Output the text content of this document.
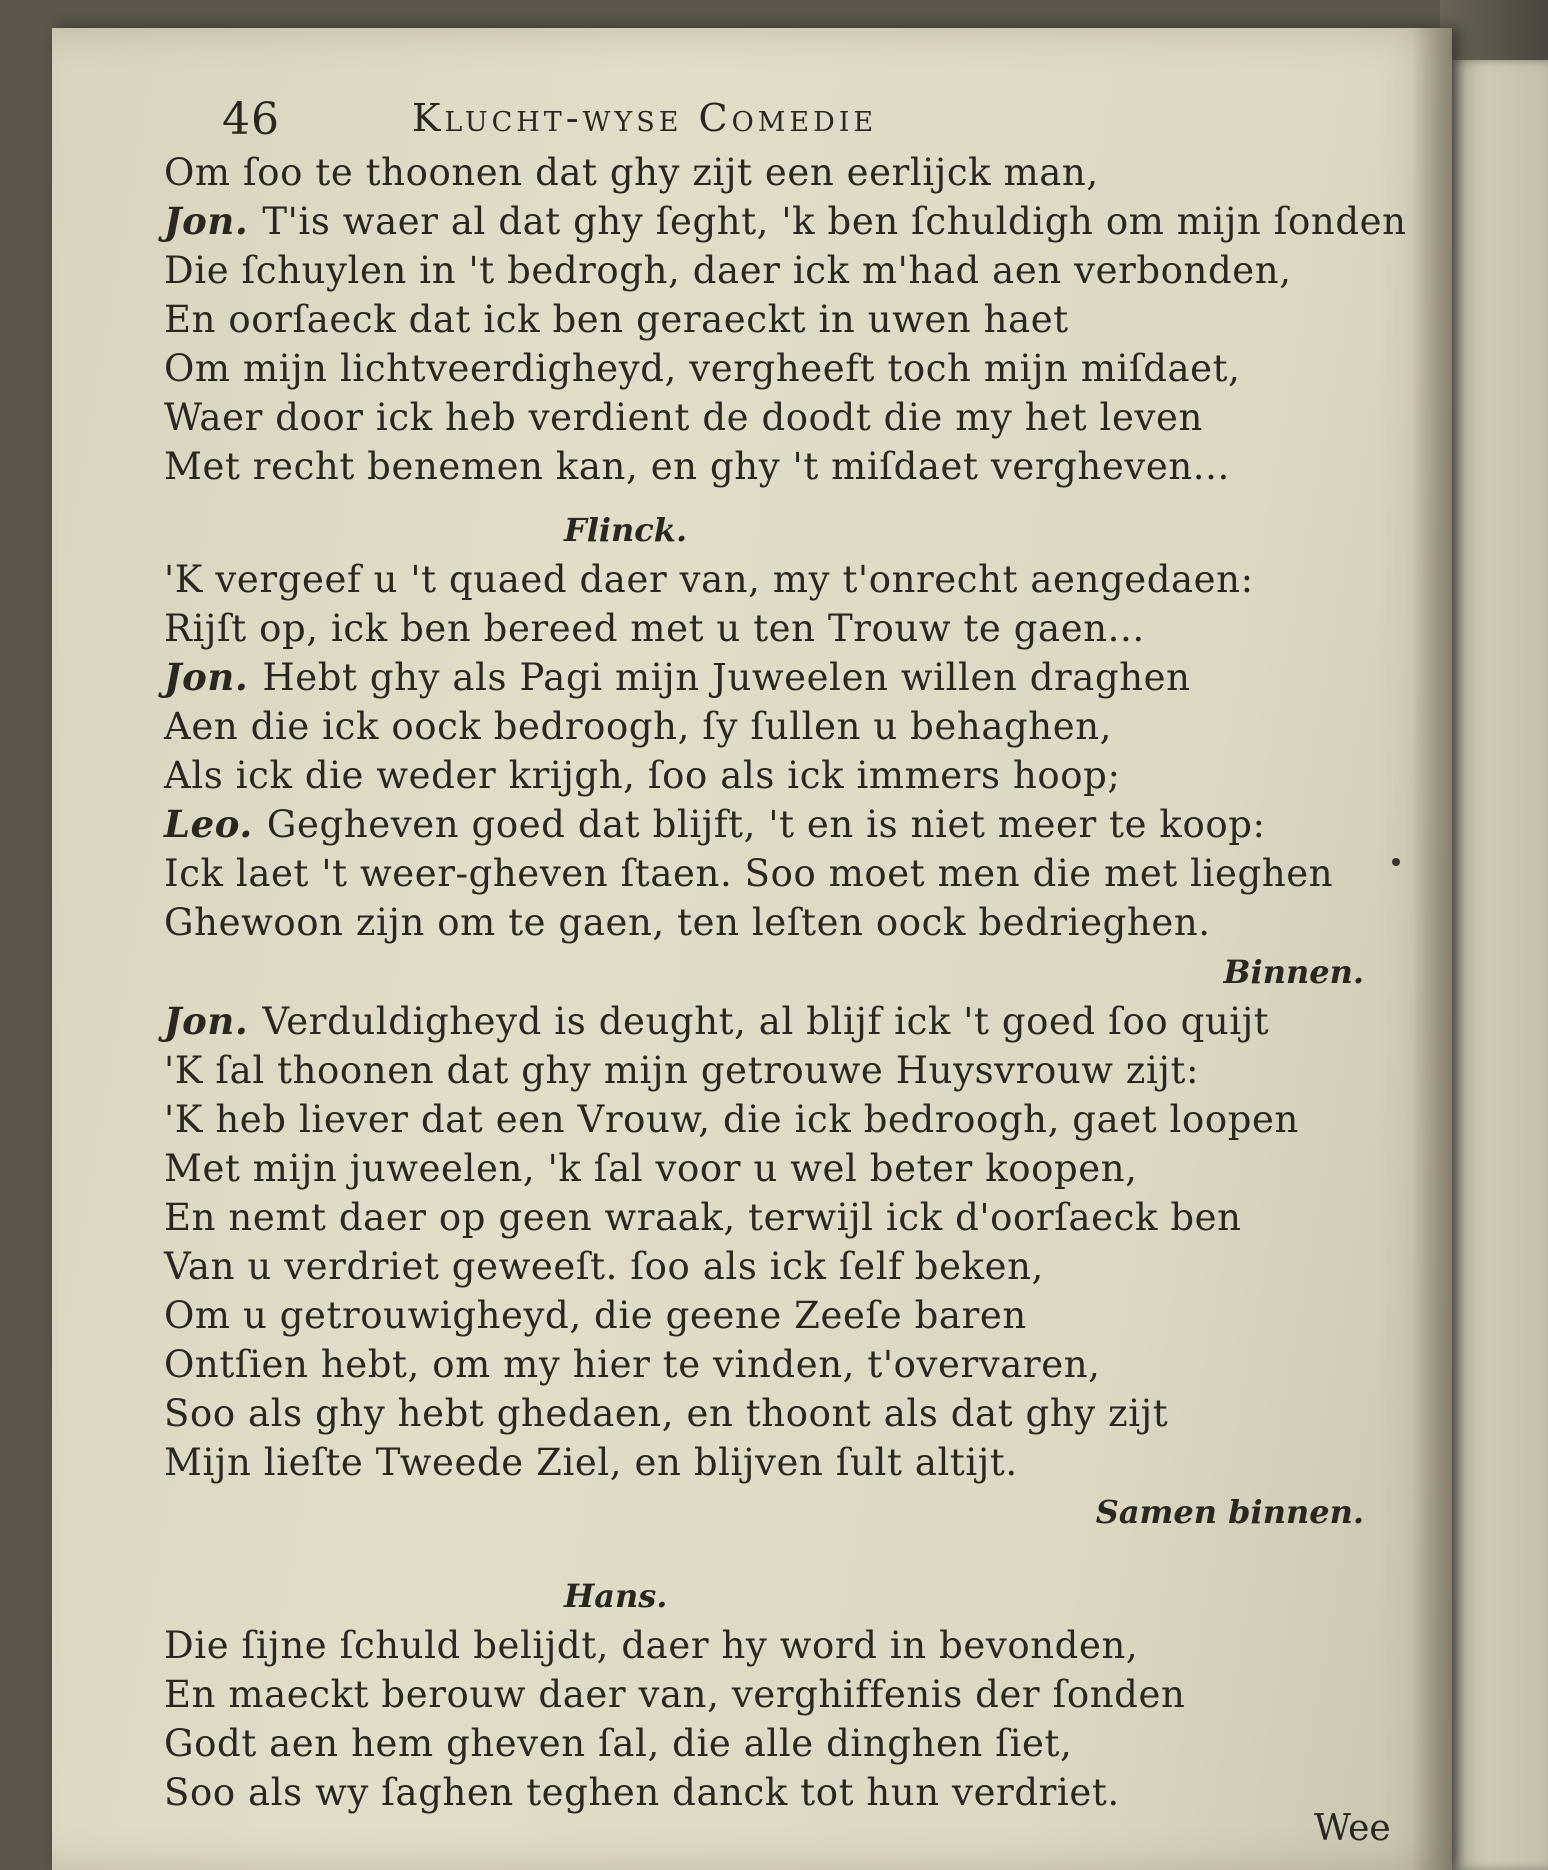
46	Klucht-wyse Comedie
Om ſoo te thoonen dat ghy zijt een eerlijck man,
Jon. T'is waer al dat ghy ſeght, 'k ben ſchuldigh om mijn ſonden
Die ſchuylen in 't bedrogh, daer ick m'had aen verbonden,
En oorſaeck dat ick ben geraeckt in uwen haet
Om mijn lichtveerdigheyd, vergheeft toch mijn miſdaet,
Waer door ick heb verdient de doodt die my het leven
Met recht benemen kan, en ghy 't miſdaet vergheven...
Flinck.
'K vergeef u 't quaed daer van, my t'onrecht aengedaen:
Rijſt op, ick ben bereed met u ten Trouw te gaen...
Jon. Hebt ghy als Pagi mijn Juweelen willen draghen
Aen die ick oock bedroogh, ſy ſullen u behaghen,
Als ick die weder krijgh, ſoo als ick immers hoop;
Leo. Gegheven goed dat blijft, 't en is niet meer te koop:
Ick laet 't weer-gheven ſtaen. Soo moet men die met lieghen
Ghewoon zijn om te gaen, ten leſten oock bedrieghen.
Binnen.
Jon. Verduldigheyd is deught, al blijf ick 't goed ſoo quijt
'K ſal thoonen dat ghy mijn getrouwe Huysvrouw zijt:
'K heb liever dat een Vrouw, die ick bedroogh, gaet loopen
Met mijn juweelen, 'k ſal voor u wel beter koopen,
En nemt daer op geen wraak, terwijl ick d'oorſaeck ben
Van u verdriet geweeſt. ſoo als ick ſelf beken,
Om u getrouwigheyd, die geene Zeeſe baren
Ontſien hebt, om my hier te vinden, t'overvaren,
Soo als ghy hebt ghedaen, en thoont als dat ghy zijt
Mijn lieſte Tweede Ziel, en blijven ſult altijt.
Samen binnen.
Hans.
Die ſijne ſchuld belijdt, daer hy word in bevonden,
En maeckt berouw daer van, verghiffenis der ſonden
Godt aen hem gheven ſal, die alle dinghen ſiet,
Soo als wy ſaghen teghen danck tot hun verdriet.
Wee
